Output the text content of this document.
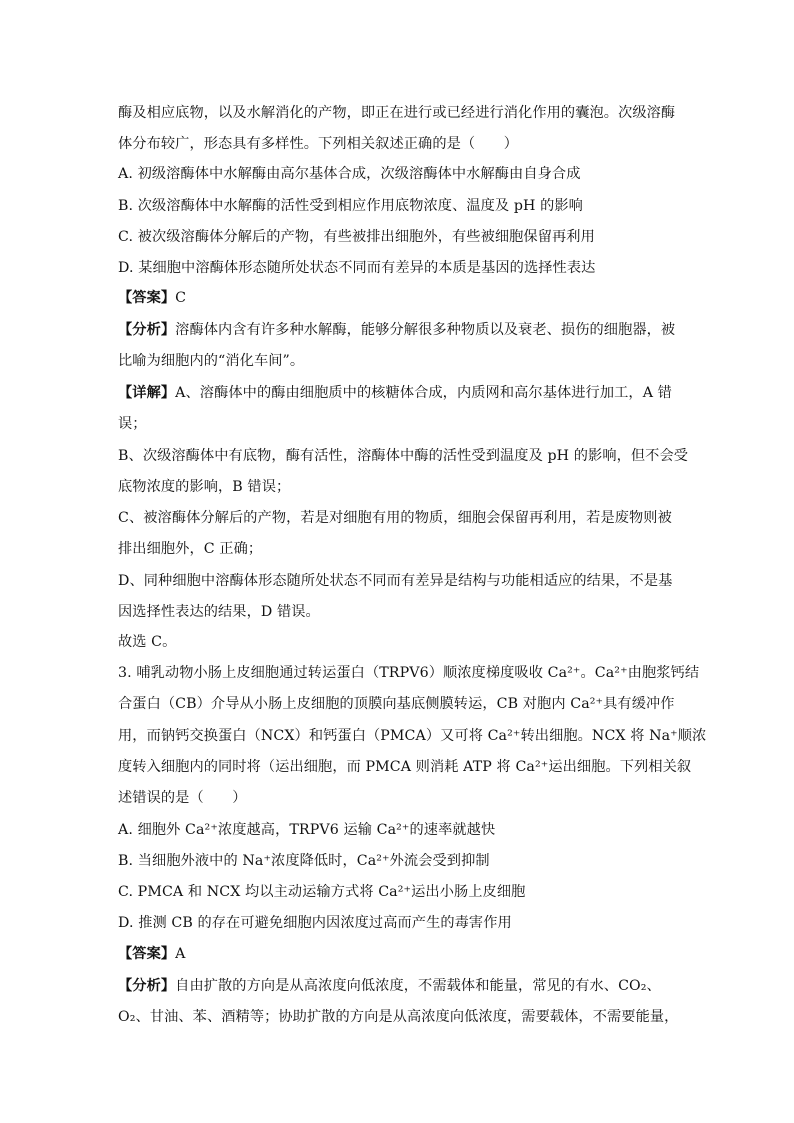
酶及相应底物，以及水解消化的产物，即正在进行或已经进行消化作用的囊泡。次级溶酶
体分布较广，形态具有多样性。下列相关叙述正确的是（　　）
A. 初级溶酶体中水解酶由高尔基体合成，次级溶酶体中水解酶由自身合成
B. 次级溶酶体中水解酶的活性受到相应作用底物浓度、温度及 pH 的影响
C. 被次级溶酶体分解后的产物，有些被排出细胞外，有些被细胞保留再利用
D. 某细胞中溶酶体形态随所处状态不同而有差异的本质是基因的选择性表达
【答案】C
【分析】溶酶体内含有许多种水解酶，能够分解很多种物质以及衰老、损伤的细胞器，被
比喻为细胞内的“消化车间”。
【详解】A、溶酶体中的酶由细胞质中的核糖体合成，内质网和高尔基体进行加工，A 错
误；
B、次级溶酶体中有底物，酶有活性，溶酶体中酶的活性受到温度及 pH 的影响，但不会受
底物浓度的影响，B 错误；
C、被溶酶体分解后的产物，若是对细胞有用的物质，细胞会保留再利用，若是废物则被
排出细胞外，C 正确；
D、同种细胞中溶酶体形态随所处状态不同而有差异是结构与功能相适应的结果，不是基
因选择性表达的结果，D 错误。
故选 C。
3. 哺乳动物小肠上皮细胞通过转运蛋白（TRPV6）顺浓度梯度吸收 Ca²⁺。Ca²⁺由胞浆钙结
合蛋白（CB）介导从小肠上皮细胞的顶膜向基底侧膜转运，CB 对胞内 Ca²⁺具有缓冲作
用，而钠钙交换蛋白（NCX）和钙蛋白（PMCA）又可将 Ca²⁺转出细胞。NCX 将 Na⁺顺浓
度转入细胞内的同时将（运出细胞，而 PMCA 则消耗 ATP 将 Ca²⁺运出细胞。下列相关叙
述错误的是（　　）
A. 细胞外 Ca²⁺浓度越高，TRPV6 运输 Ca²⁺的速率就越快
B. 当细胞外液中的 Na⁺浓度降低时，Ca²⁺外流会受到抑制
C. PMCA 和 NCX 均以主动运输方式将 Ca²⁺运出小肠上皮细胞
D. 推测 CB 的存在可避免细胞内因浓度过高而产生的毒害作用
【答案】A
【分析】自由扩散的方向是从高浓度向低浓度，不需载体和能量，常见的有水、CO₂、
O₂、甘油、苯、酒精等；协助扩散的方向是从高浓度向低浓度，需要载体，不需要能量，
